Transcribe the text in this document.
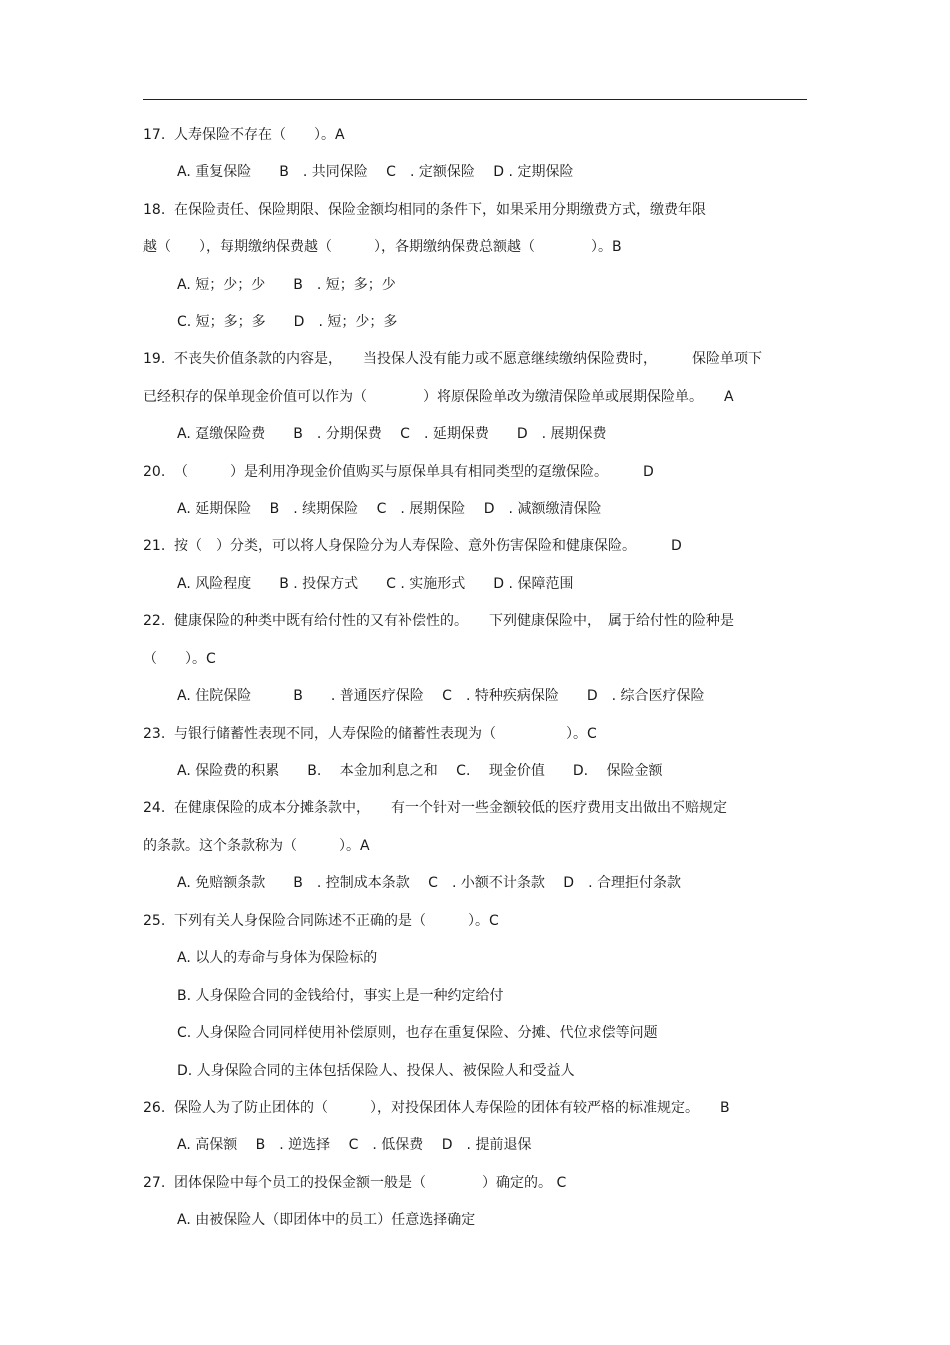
17. 人寿保险不存在（　　）。A
A. 重复保险　　B　. 共同保险　 C　. 定额保险　 D . 定期保险
18. 在保险责任、保险期限、保险金额均相同的条件下，如果采用分期缴费方式，缴费年限
越（　　），每期缴纳保费越（　　　），各期缴纳保费总额越（　　　　）。B
A. 短；少；少　　B　. 短；多；少
C. 短；多；多　　D　. 短；少；多
19. 不丧失价值条款的内容是，　　当投保人没有能力或不愿意继续缴纳保险费时，　　　保险单项下
已经积存的保单现金价值可以作为（　　　　）将原保险单改为缴清保险单或展期保险单。　　A
A. 趸缴保险费　　B　. 分期保费　 C　. 延期保费　　D　. 展期保费
20. （　　　）是利用净现金价值购买与原保单具有相同类型的趸缴保险。　　　D
A. 延期保险　 B　. 续期保险　 C　. 展期保险　 D　. 减额缴清保险
21. 按（　）分类，可以将人身保险分为人寿保险、意外伤害保险和健康保险。　　　D
A. 风险程度　　B . 投保方式　　C . 实施形式　　D . 保障范围
22. 健康保险的种类中既有给付性的又有补偿性的。　　下列健康保险中，　属于给付性的险种是
（　　）。C
A. 住院保险　　　B　　. 普通医疗保险　 C　. 特种疾病保险　　D　. 综合医疗保险
23. 与银行储蓄性表现不同，人寿保险的储蓄性表现为（　　　　　）。C
A. 保险费的积累　　B.　 本金加利息之和　 C.　 现金价值　　D.　 保险金额
24. 在健康保险的成本分摊条款中，　　有一个针对一些金额较低的医疗费用支出做出不赔规定
的条款。这个条款称为（　　　）。A
A. 免赔额条款　　B　. 控制成本条款　 C　. 小额不计条款　 D　. 合理拒付条款
25. 下列有关人身保险合同陈述不正确的是（　　　）。C
A. 以人的寿命与身体为保险标的
B. 人身保险合同的金钱给付，事实上是一种约定给付
C. 人身保险合同同样使用补偿原则，也存在重复保险、分摊、代位求偿等问题
D. 人身保险合同的主体包括保险人、投保人、被保险人和受益人
26. 保险人为了防止团体的（　　　），对投保团体人寿保险的团体有较严格的标准规定。　　B
A. 高保额　 B　. 逆选择　 C　. 低保费　 D　. 提前退保
27. 团体保险中每个员工的投保金额一般是（　　　　）确定的。 C
A. 由被保险人（即团体中的员工）任意选择确定
